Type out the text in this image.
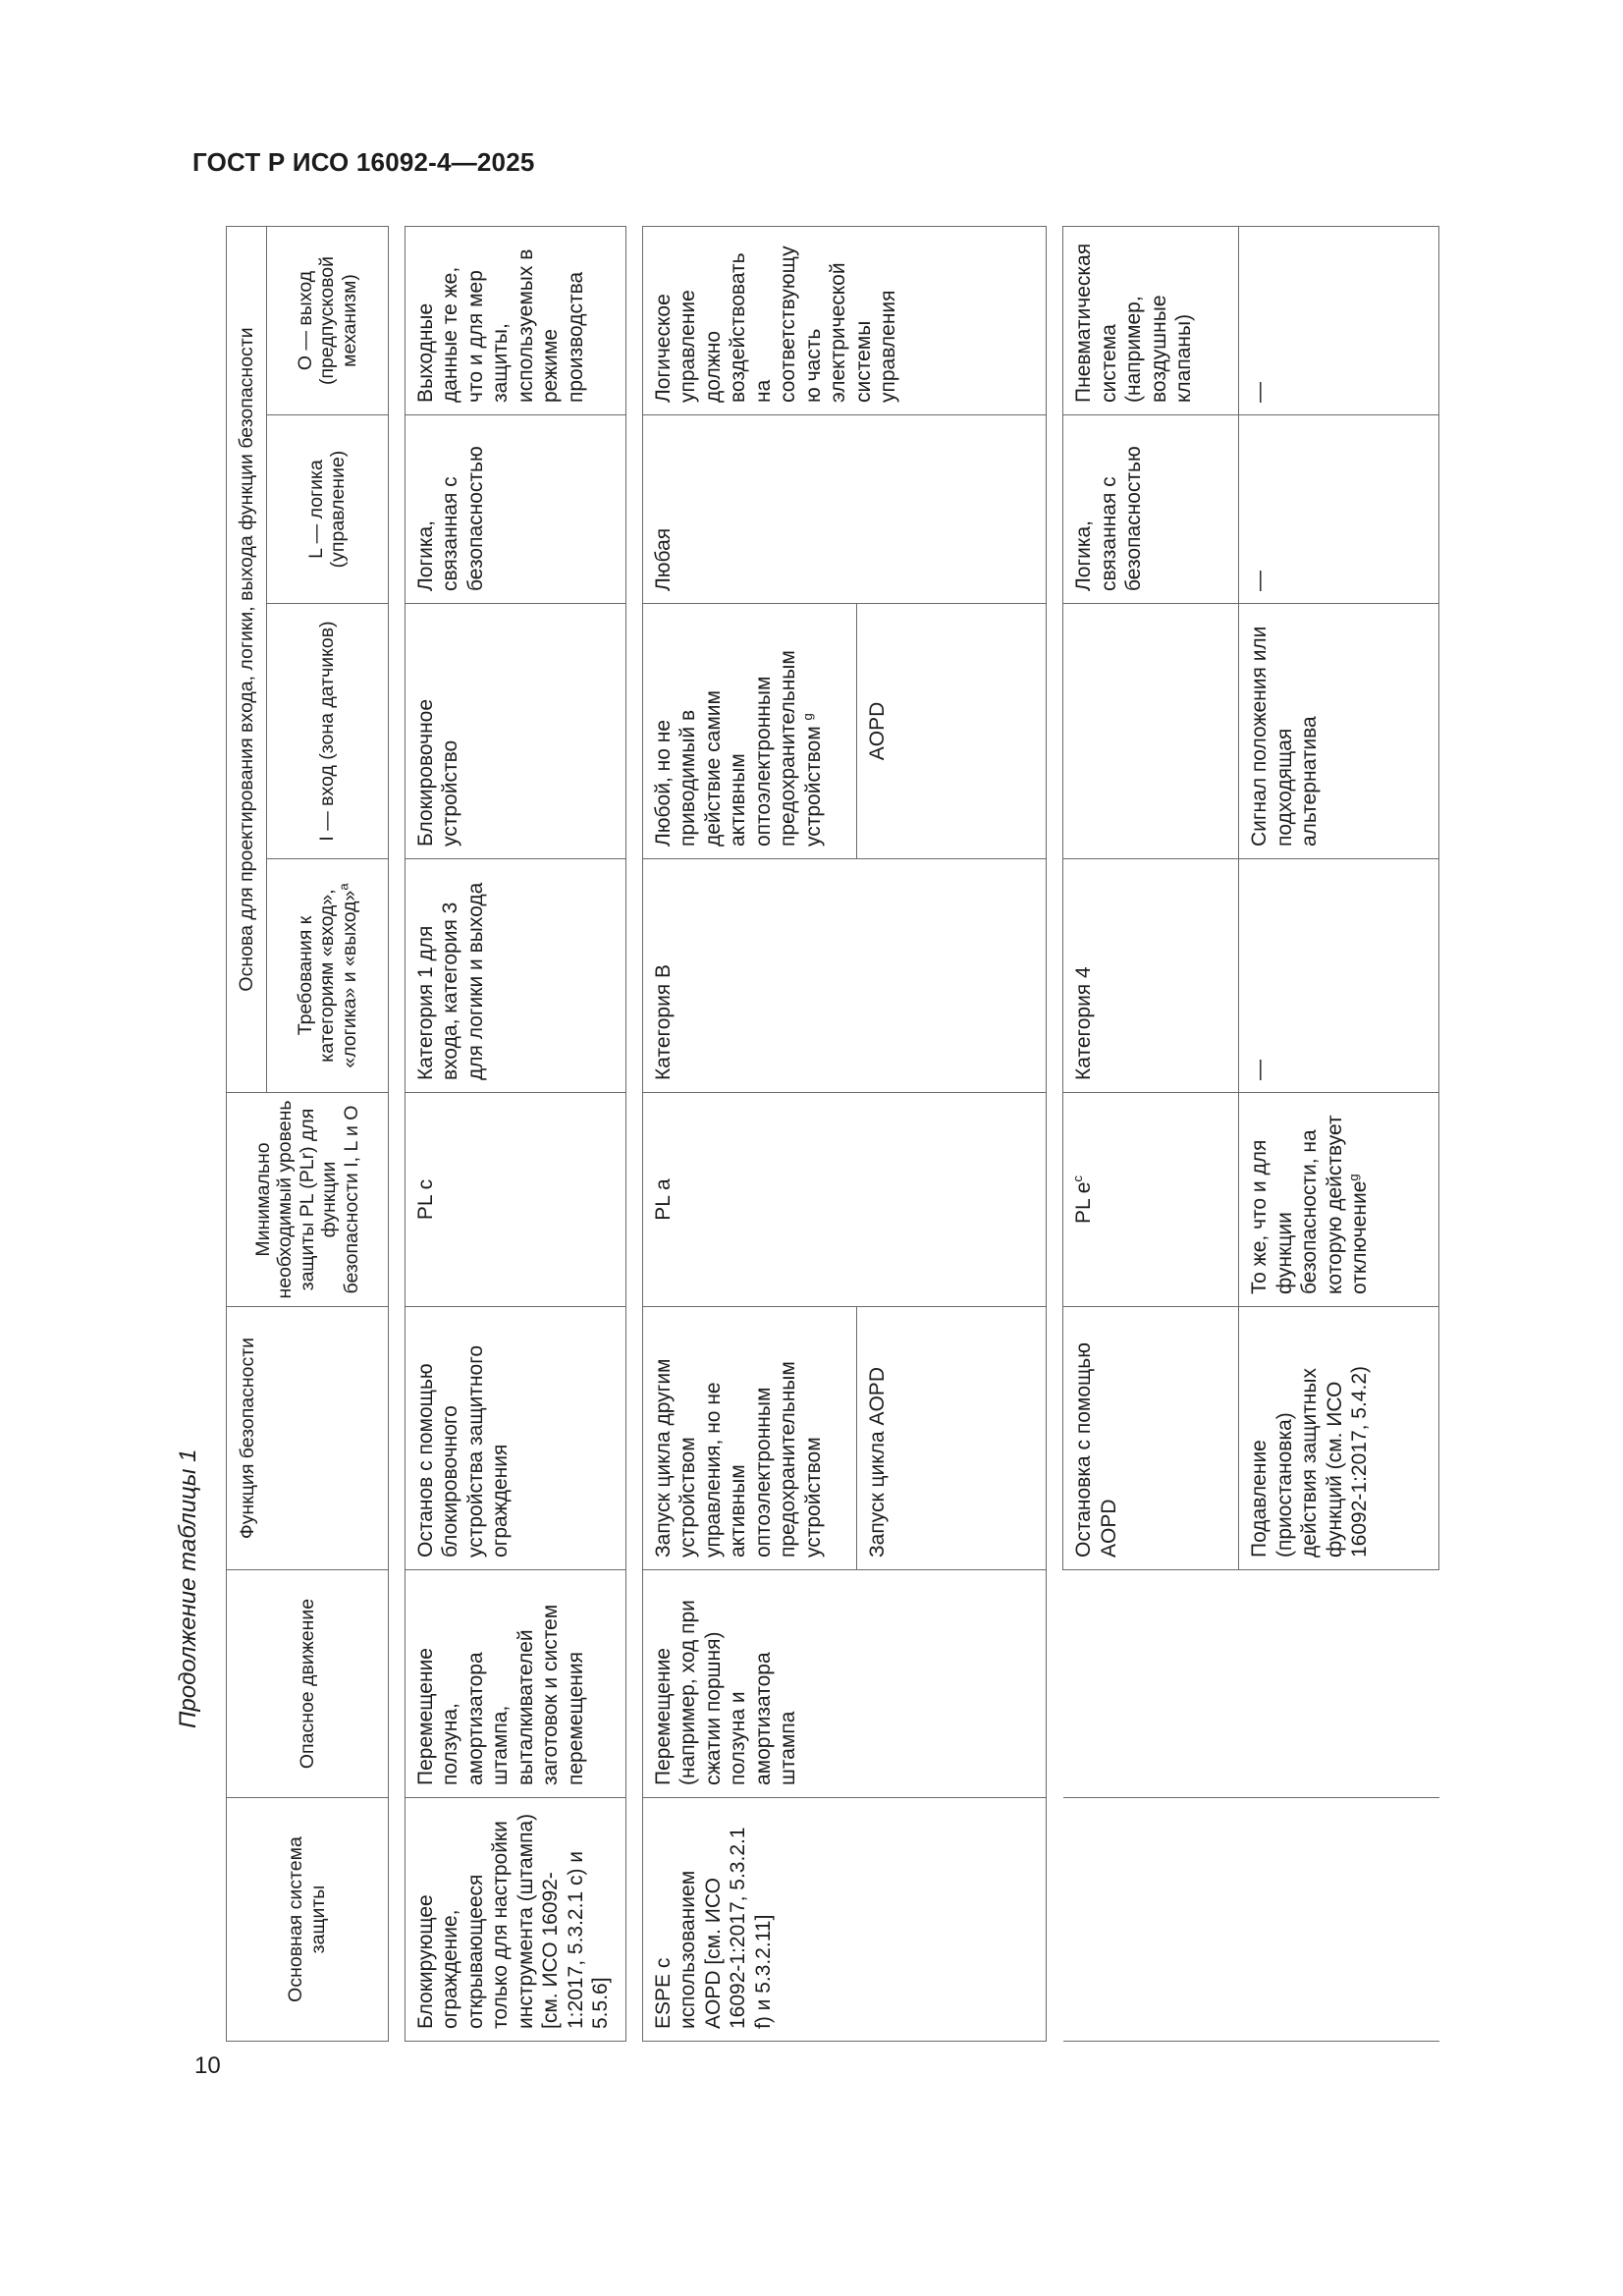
ГОСТ Р ИСО 16092-4—2025
10
Продолжение таблицы 1
Основная система защиты	Опасное движение	Функция безопасности	Минимально необходимый уровень защиты PL (PLr) для функции безопасности I, L и O	Основа для проектирования входа, логики, выхода функции безопасности			
				Требования к категориям «вход», «логика» и «выход»$^a$	I — вход (зона датчиков)	L — логика (управление)	O — выход (предпусковой механизм)

Блокирующее ограждение, открывающееся только для настройки инструмента (штампа) [см. ИСО 16092-1:2017, 5.3.2.1 c) и 5.5.6]	Перемещение ползуна, амортизатора штампа, выталкивателей заготовок и систем перемещения	Останов с помощью блокировочного устройства защитного ограждения	PL c	Категория 1 для входа, категория 3 для логики и выхода	Блокировочное устройство	Логика, связанная с безопасностью	Выходные данные те же, что и для мер защиты, используемых в режиме производства

ESPE с использованием AOPD [см. ИСО 16092-1:2017, 5.3.2.1 f) и 5.3.2.11]	Перемещение (например, ход при сжатии поршня) ползуна и амортизатора штампа	Запуск цикла другим устройством управления, но не активным оптоэлектронным предохранительным устройством	PL a	Категория B	Любой, но не приводимый в действие самим активным оптоэлектронным предохранительным устройством $^g$	Любая	Логическое управление должно воздействовать на соответствующую часть электрической системы управления
		Запуск цикла AOPD			AOPD		

		Остановка с помощью AOPD	PL $e^c$	Категория 4		Логика, связанная с безопасностью	Пневматическая система (например, воздушные клапаны)
		Подавление (приостановка) действия защитных функций (см. ИСО 16092-1:2017, 5.4.2)	То же, что и для функции безопасности, на которую действует отключение$^g$	—	Сигнал положения или подходящая альтернатива	—	—
